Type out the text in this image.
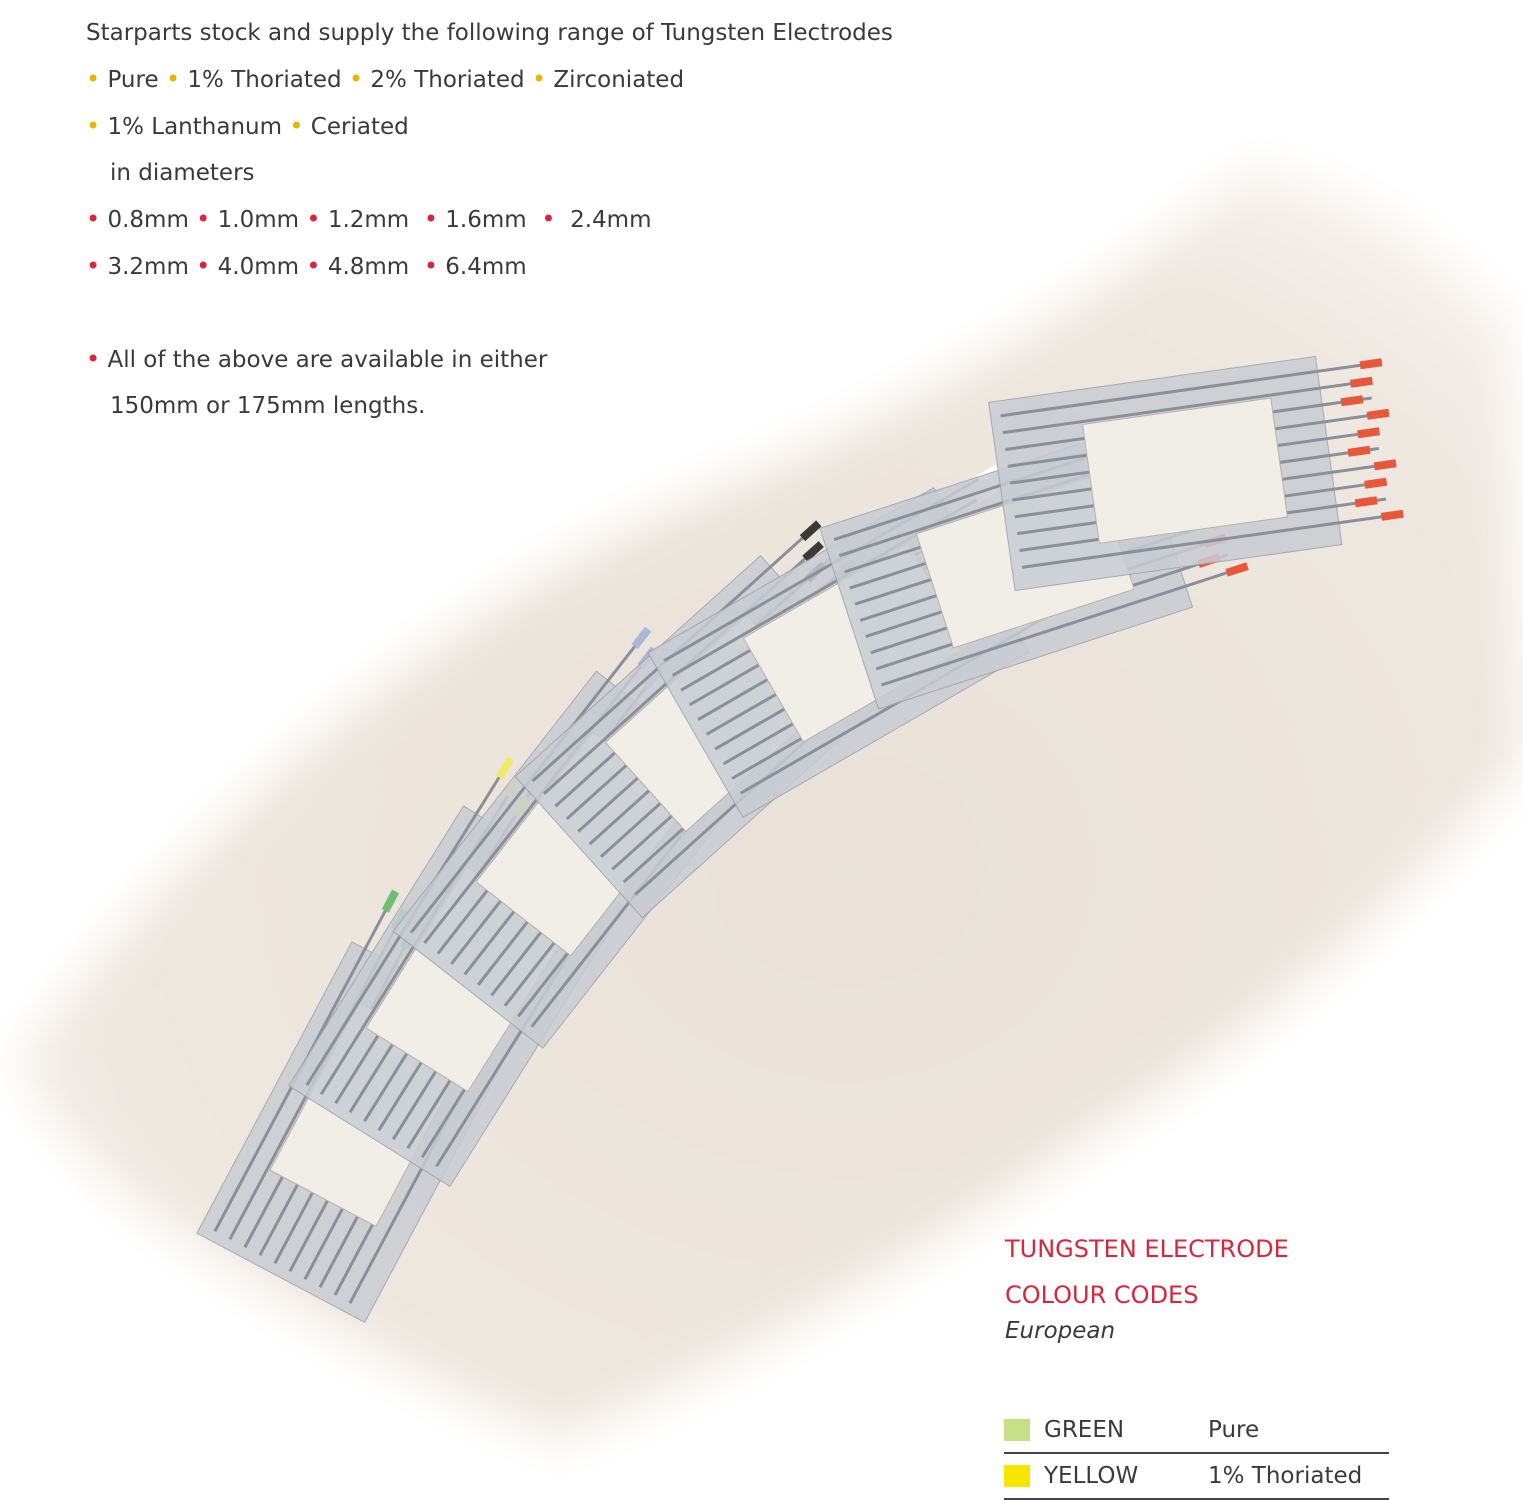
Starparts stock and supply the following range of Tungsten Electrodes
• Pure • 1% Thoriated • 2% Thoriated • Zirconiated
• 1% Lanthanum • Ceriated
in diameters
• 0.8mm • 1.0mm • 1.2mm • 1.6mm • 2.4mm
• 3.2mm • 4.0mm • 4.8mm • 6.4mm
• All of the above are available in either
150mm or 175mm lengths.
TUNGSTEN ELECTRODE
COLOUR CODES
European
GREEN	Pure
YELLOW	1% Thoriated
